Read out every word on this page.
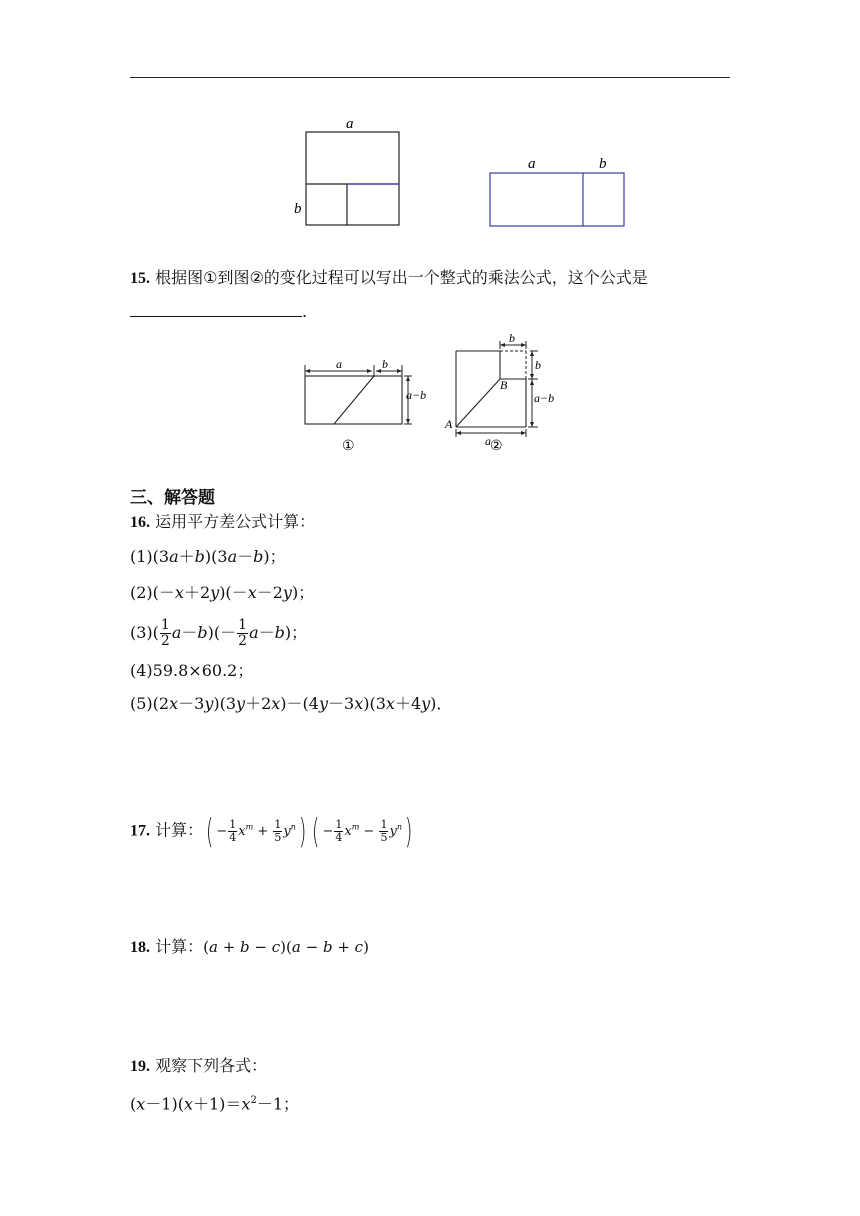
a
b
a	b
15. 根据图①到图②的变化过程可以写出一个整式的乘法公式，这个公式是
.
a	b
a−b
①
b
b
a−b
B
A
a ②
三、解答题
16. 运用平方差公式计算：
(1)(3a＋b)(3a－b)；
(2)(－x＋2y)(－x－2y)；
$(3)( \frac{1}{2} a-b)(- \frac{1}{2} a-b)$；
(4)59.8×60.2；
(5)(2x－3y)(3y＋2x)－(4y－3x)(3x＋4y)．
17. 计算：( − $\frac{1}{4} x^m + \frac{1}{5} y^n$) ( − $\frac{1}{4} x^m - \frac{1}{5} y^n$)
18. 计算：(a + b − c)(a − b + c)
19. 观察下列各式：
$(x-1)(x+1)=x^2-1$；
